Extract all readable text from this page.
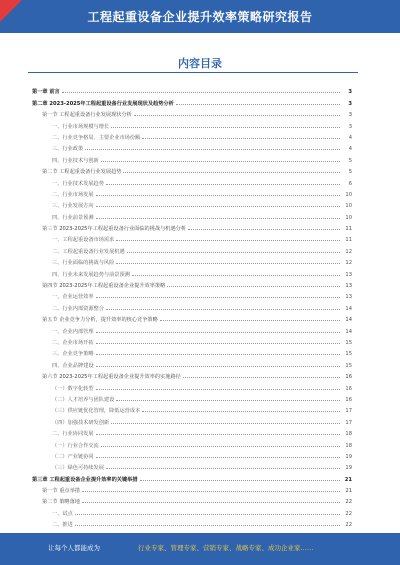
工程起重设备企业提升效率策略研究报告
内容目录
第一章 前言	3
第二章 2023-2025年工程起重设备行业发展现状及趋势分析	3
第一节 工程起重设备行业发展现状分析	3
一、行业市场规模与增长	3
二、行业竞争格局、主要企业市场份额	4
三、行业政策	4
四、行业技术与创新	5
第二节 工程起重设备行业发展趋势	5
一、行业技术发展趋势	6
二、行业市场发展	10
三、行业发展方向	10
四、行业前景预测	10
第三节 2023-2025年工程起重设备行业面临的挑战与机遇分析	11
一、工程起重设备市场需求	11
二、工程起重设备行业发展机遇	12
三、行业面临的挑战与风险	12
四、行业未来发展趋势与前景预测	13
第四节 2023-2025年工程起重设备企业提升效率策略	13
一、企业运营效率	13
二、行业内部资源整合	14
第五节 企业竞争力分析，提升效率的核心竞争策略	14
一、企业内部管理	14
二、企业市场开拓	15
三、企业竞争策略	15
四、企业品牌建设	15
第六节 2023-2025年工程起重设备企业提升效率的实施路径	16
（一）数字化转型	16
（二）人才培养与团队建设	16
（三）供应链优化管理，降低运营成本	17
（四）加强技术研发创新	17
二、行业协同发展	18
（一）行业合作交流	18
（二）产业链协同	19
（三）绿色可持续发展	19
第三章 工程起重设备企业提升效率的关键举措	21
第一节 重点举措	21
第二节 策略落地	22
一、试点	22
二、推进	22
让每个人都能成为	行业专家、管理专家、营销专家、战略专家、成功企业家……
